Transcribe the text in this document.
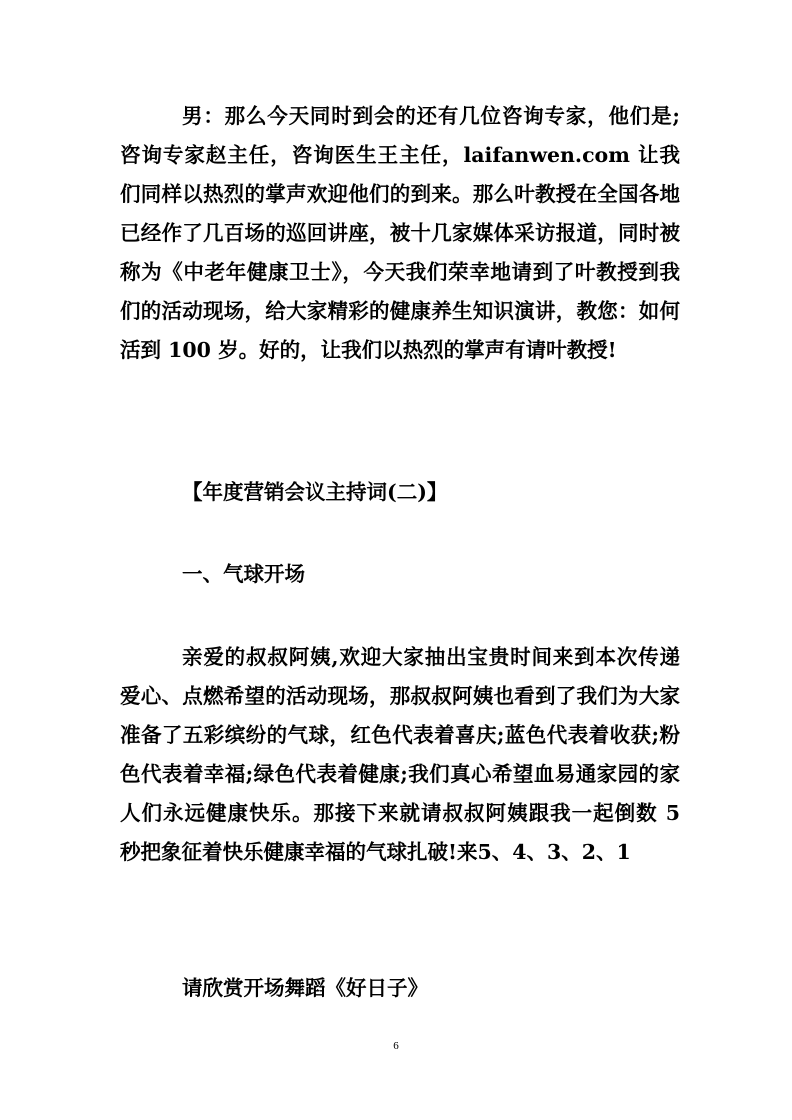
男：那么今天同时到会的还有几位咨询专家，他们是;咨询专家赵主任，咨询医生王主任，laifanwen.com 让我们同样以热烈的掌声欢迎他们的到来。那么叶教授在全国各地已经作了几百场的巡回讲座，被十几家媒体采访报道，同时被称为《中老年健康卫士》，今天我们荣幸地请到了叶教授到我们的活动现场，给大家精彩的健康养生知识演讲，教您：如何活到 100 岁。好的，让我们以热烈的掌声有请叶教授!

【年度营销会议主持词(二)】

一、气球开场

亲爱的叔叔阿姨,欢迎大家抽出宝贵时间来到本次传递爱心、点燃希望的活动现场，那叔叔阿姨也看到了我们为大家准备了五彩缤纷的气球，红色代表着喜庆;蓝色代表着收获;粉色代表着幸福;绿色代表着健康;我们真心希望血易通家园的家人们永远健康快乐。那接下来就请叔叔阿姨跟我一起倒数 5 秒把象征着快乐健康幸福的气球扎破!来5、4、3、2、1

请欣赏开场舞蹈《好日子》

6
